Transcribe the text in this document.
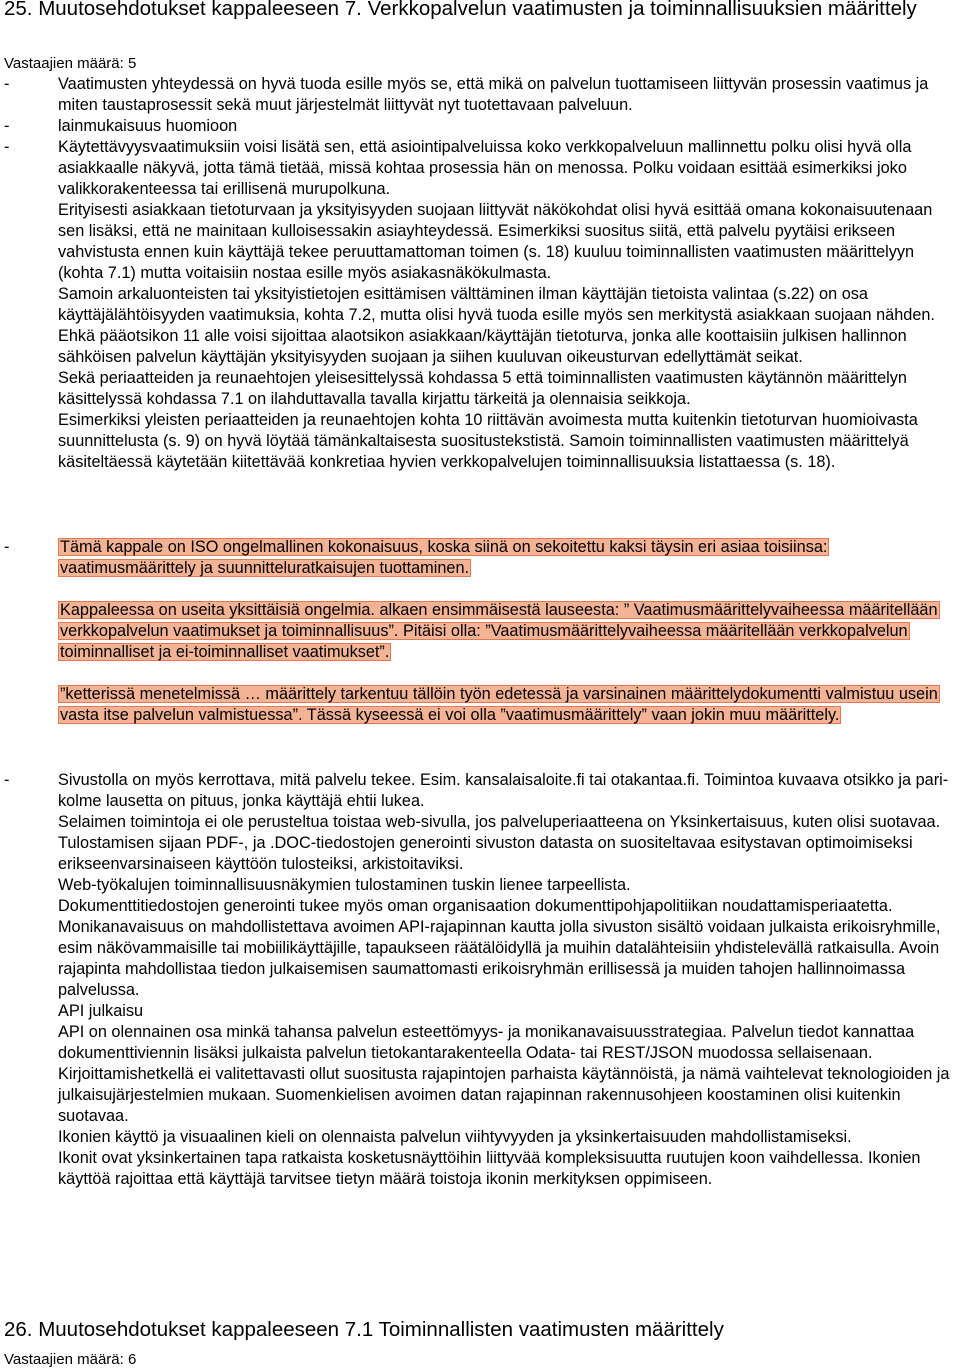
25. Muutosehdotukset kappaleeseen 7. Verkkopalvelun vaatimusten ja toiminnallisuuksien määrittely
Vastaajien määrä: 5
-	Vaatimusten yhteydessä on hyvä tuoda esille myös se, että mikä on palvelun tuottamiseen liittyvän prosessin vaatimus ja miten taustaprosessit sekä muut järjestelmät liittyvät nyt tuotettavaan palveluun.

-	lainmukaisuus huomioon

-	Käytettävyysvaatimuksiin voisi lisätä sen, että asiointipalveluissa koko verkkopalveluun mallinnettu polku olisi hyvä olla asiakkaalle näkyvä, jotta tämä tietää, missä kohtaa prosessia hän on menossa. Polku voidaan esittää esimerkiksi joko valikkorakenteessa tai erillisenä murupolkuna.

Erityisesti asiakkaan tietoturvaan ja yksityisyyden suojaan liittyvät näkökohdat olisi hyvä esittää omana kokonaisuutenaan sen lisäksi, että ne mainitaan kulloisessakin asiayhteydessä. Esimerkiksi suositus siitä, että palvelu pyytäisi erikseen vahvistusta ennen kuin käyttäjä tekee peruuttamattoman toimen (s. 18) kuuluu toiminnallisten vaatimusten määrittelyyn (kohta 7.1) mutta voitaisiin nostaa esille myös asiakasnäkökulmasta.

Samoin arkaluonteisten tai yksityistietojen esittämisen välttäminen ilman käyttäjän tietoista valintaa (s.22) on osa käyttäjälähtöisyyden vaatimuksia, kohta 7.2, mutta olisi hyvä tuoda esille myös sen merkitystä asiakkaan suojaan nähden.

Ehkä pääotsikon 11 alle voisi sijoittaa alaotsikon asiakkaan/käyttäjän tietoturva, jonka alle koottaisiin julkisen hallinnon sähköisen palvelun käyttäjän yksityisyyden suojaan ja siihen kuuluvan oikeusturvan edellyttämät seikat.

Sekä periaatteiden ja reunaehtojen yleisesittelyssä kohdassa 5 että toiminnallisten vaatimusten käytännön määrittelyn käsittelyssä kohdassa 7.1 on ilahduttavalla tavalla kirjattu tärkeitä ja olennaisia seikkoja.

Esimerkiksi yleisten periaatteiden ja reunaehtojen kohta 10 riittävän avoimesta mutta kuitenkin tietoturvan huomioivasta suunnittelusta (s. 9) on hyvä löytää tämänkaltaisesta suositustekstistä. Samoin toiminnallisten vaatimusten määrittelyä käsiteltäessä käytetään kiitettävää konkretiaa hyvien verkkopalvelujen toiminnallisuuksia listattaessa (s. 18).

-	Tämä kappale on ISO ongelmallinen kokonaisuus, koska siinä on sekoitettu kaksi täysin eri asiaa toisiinsa: vaatimusmäärittely ja suunnitteluratkaisujen tuottaminen.

Kappaleessa on useita yksittäisiä ongelmia. alkaen ensimmäisestä lauseesta: ” Vaatimusmäärittelyvaiheessa määritellään verkkopalvelun vaatimukset ja toiminnallisuus”. Pitäisi olla: ”Vaatimusmäärittelyvaiheessa määritellään verkkopalvelun toiminnalliset ja ei-toiminnalliset vaatimukset”.

”ketterissä menetelmissä … määrittely tarkentuu tällöin työn edetessä ja varsinainen määrittelydokumentti valmistuu usein vasta itse palvelun valmistuessa”. Tässä kyseessä ei voi olla ”vaatimusmäärittely” vaan jokin muu määrittely.

-	Sivustolla on myös kerrottava, mitä palvelu tekee. Esim. kansalaisaloite.fi tai otakantaa.fi. Toimintoa kuvaava otsikko ja pari-kolme lausetta on pituus, jonka käyttäjä ehtii lukea.

Selaimen toimintoja ei ole perusteltua toistaa web-sivulla, jos palveluperiaatteena on Yksinkertaisuus, kuten olisi suotavaa.

Tulostamisen sijaan PDF-, ja .DOC-tiedostojen generointi sivuston datasta on suositeltavaa esitystavan optimoimiseksi erikseenvarsinaiseen käyttöön tulosteiksi, arkistoitaviksi.

Web-työkalujen toiminnallisuusnäkymien tulostaminen tuskin lienee tarpeellista.

Dokumenttitiedostojen generointi tukee myös oman organisaation dokumenttipohjapolitiikan noudattamisperiaatetta.

Monikanavaisuus on mahdollistettava avoimen API-rajapinnan kautta jolla sivuston sisältö voidaan julkaista erikoisryhmille, esim näkövammaisille tai mobiilikäyttäjille, tapaukseen räätälöidyllä ja muihin datalähteisiin yhdistelevällä ratkaisulla. Avoin rajapinta mahdollistaa tiedon julkaisemisen saumattomasti erikoisryhmän erillisessä ja muiden tahojen hallinnoimassa palvelussa.

API julkaisu

API on olennainen osa minkä tahansa palvelun esteettömyys- ja monikanavaisuusstrategiaa. Palvelun tiedot kannattaa dokumenttiviennin lisäksi julkaista palvelun tietokantarakenteella Odata- tai REST/JSON muodossa sellaisenaan.

Kirjoittamishetkellä ei valitettavasti ollut suositusta rajapintojen parhaista käytännöistä, ja nämä vaihtelevat teknologioiden ja julkaisujärjestelmien mukaan. Suomenkielisen avoimen datan rajapinnan rakennusohjeen koostaminen olisi kuitenkin suotavaa.

Ikonien käyttö ja visuaalinen kieli on olennaista palvelun viihtyvyyden ja yksinkertaisuuden mahdollistamiseksi.

Ikonit ovat yksinkertainen tapa ratkaista kosketusnäyttöihin liittyvää kompleksisuutta ruutujen koon vaihdellessa. Ikonien käyttöä rajoittaa että käyttäjä tarvitsee tietyn määrä toistoja ikonin merkityksen oppimiseen.

26. Muutosehdotukset kappaleeseen 7.1 Toiminnallisten vaatimusten määrittely
Vastaajien määrä: 6
